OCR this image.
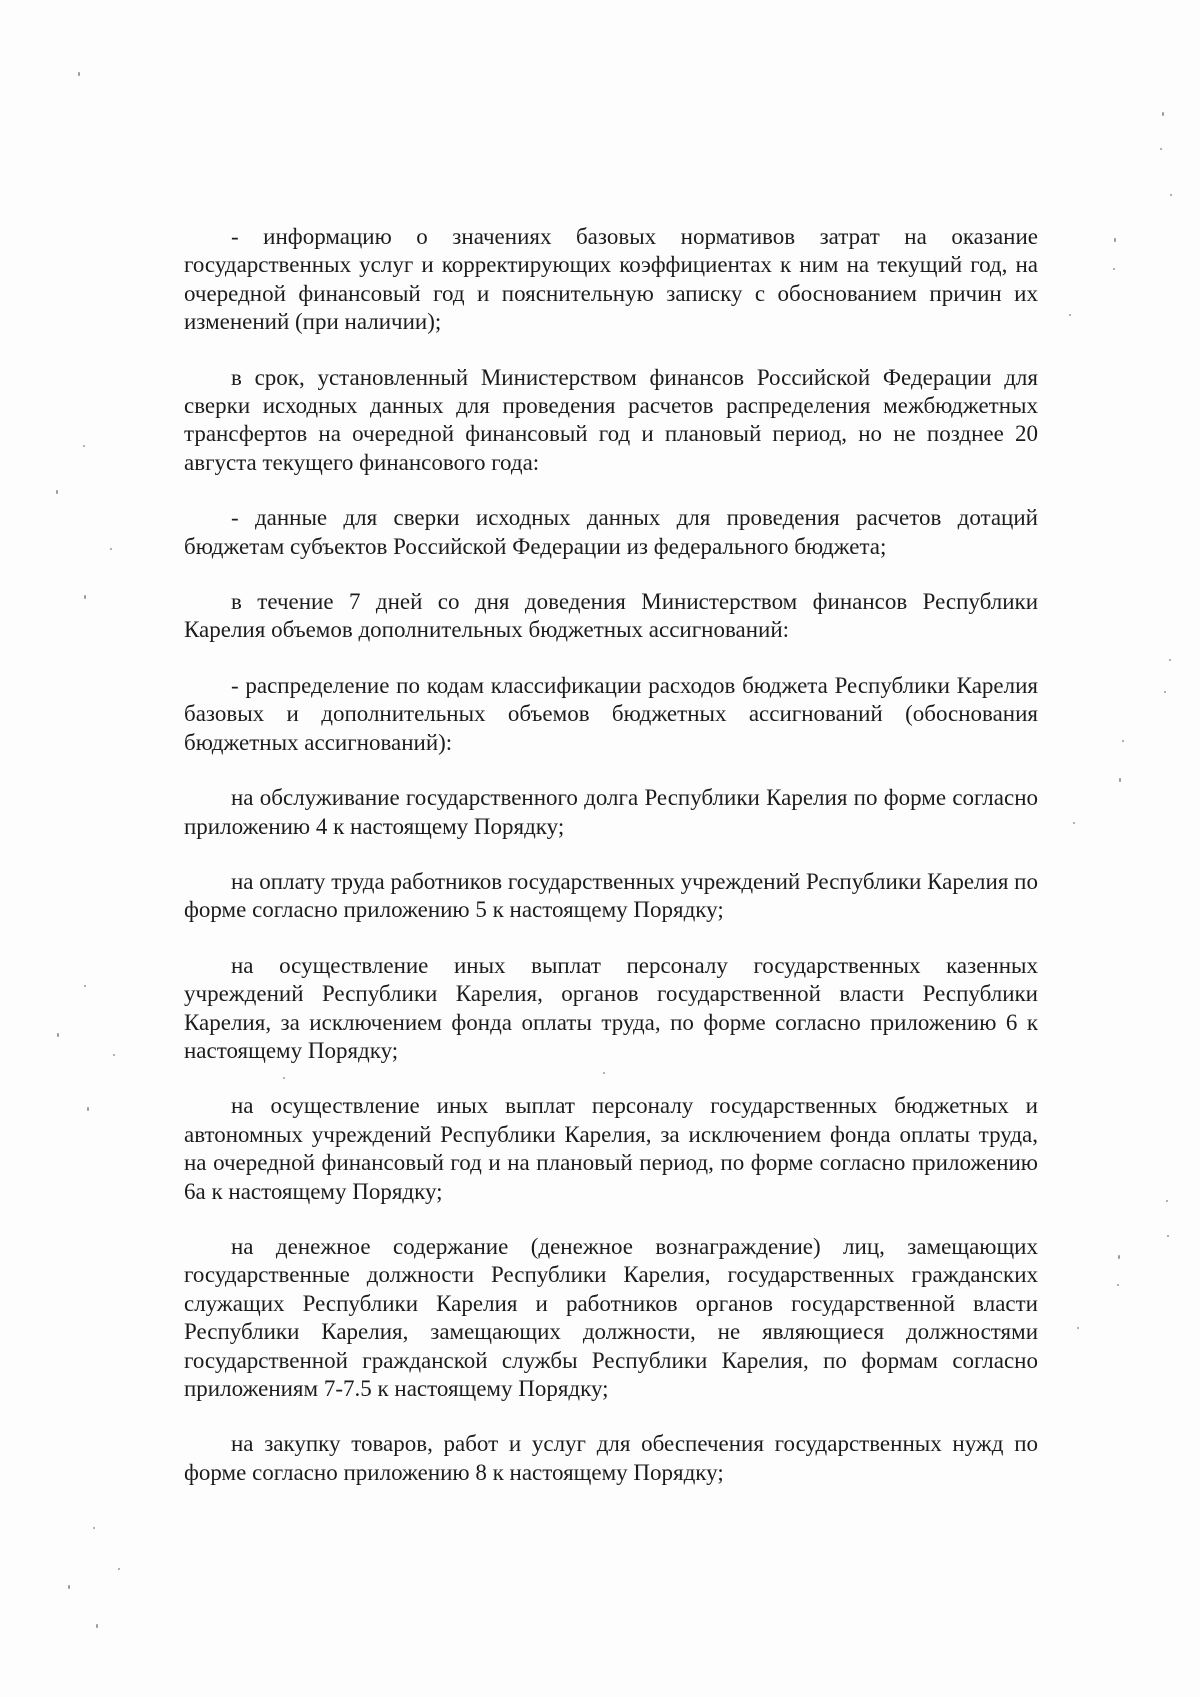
- информацию о значениях базовых нормативов затрат на оказание государственных услуг и корректирующих коэффициентах к ним на текущий год, на очередной финансовый год и пояснительную записку с обоснованием причин их изменений (при наличии);

в срок, установленный Министерством финансов Российской Федерации для сверки исходных данных для проведения расчетов распределения межбюджетных трансфертов на очередной финансовый год и плановый период, но не позднее 20 августа текущего финансового года:

- данные для сверки исходных данных для проведения расчетов дотаций бюджетам субъектов Российской Федерации из федерального бюджета;

в течение 7 дней со дня доведения Министерством финансов Республики Карелия объемов дополнительных бюджетных ассигнований:

- распределение по кодам классификации расходов бюджета Республики Карелия базовых и дополнительных объемов бюджетных ассигнований (обоснования бюджетных ассигнований):

на обслуживание государственного долга Республики Карелия по форме согласно приложению 4 к настоящему Порядку;

на оплату труда работников государственных учреждений Республики Карелия по форме согласно приложению 5 к настоящему Порядку;

на осуществление иных выплат персоналу государственных казенных учреждений Республики Карелия, органов государственной власти Республики Карелия, за исключением фонда оплаты труда, по форме согласно приложению 6 к настоящему Порядку;

на осуществление иных выплат персоналу государственных бюджетных и автономных учреждений Республики Карелия, за исключением фонда оплаты труда, на очередной финансовый год и на плановый период, по форме согласно приложению 6а к настоящему Порядку;

на денежное содержание (денежное вознаграждение) лиц, замещающих государственные должности Республики Карелия, государственных гражданских служащих Республики Карелия и работников органов государственной власти Республики Карелия, замещающих должности, не являющиеся должностями государственной гражданской службы Республики Карелия, по формам согласно приложениям 7-7.5 к настоящему Порядку;

на закупку товаров, работ и услуг для обеспечения государственных нужд по форме согласно приложению 8 к настоящему Порядку;
